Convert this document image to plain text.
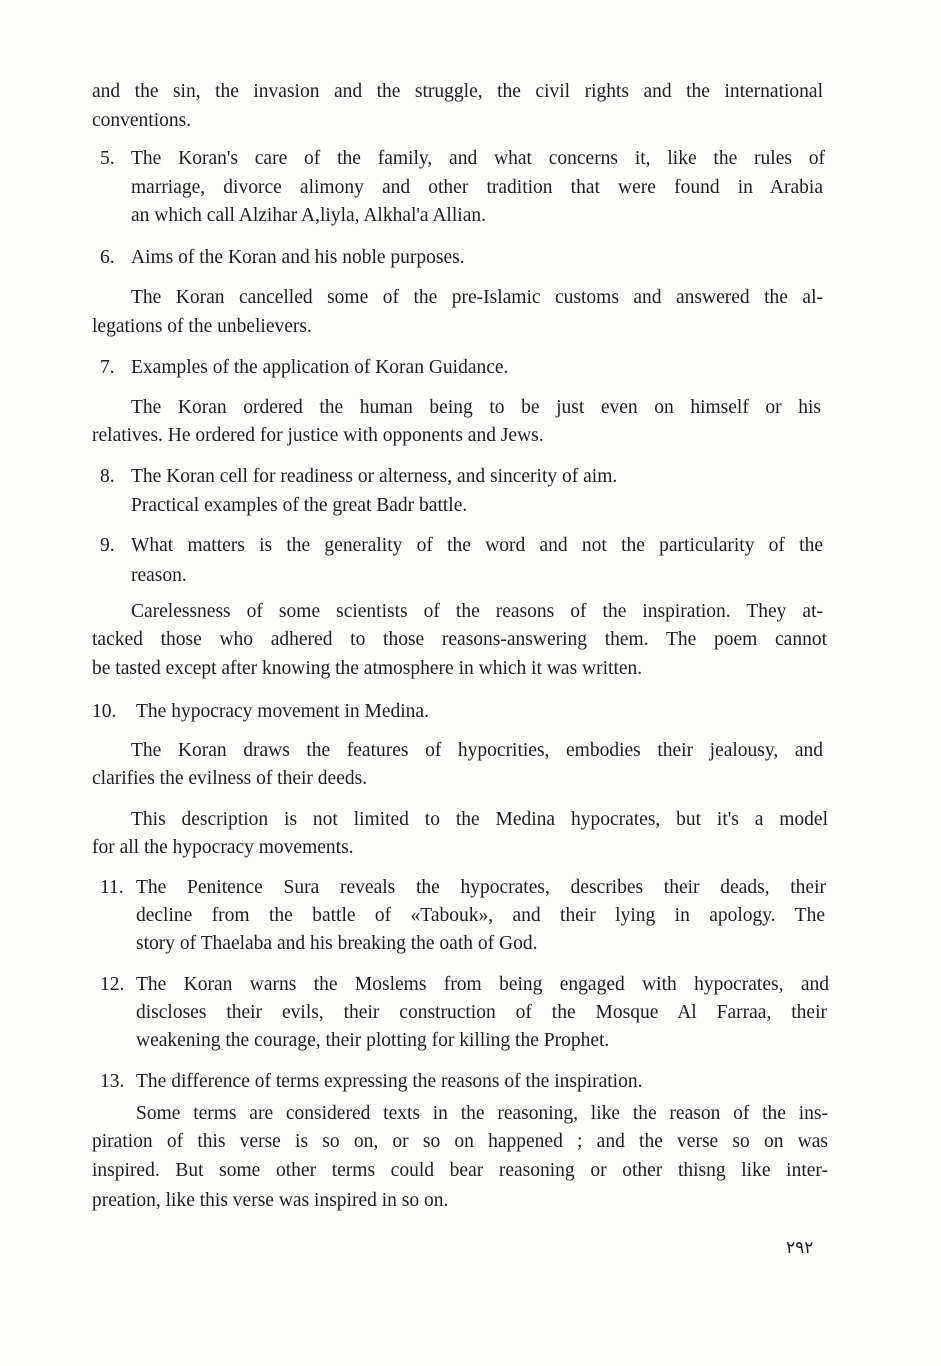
and the sin, the invasion and the struggle, the civil rights and the international
conventions.
5. The Koran's care of the family, and what concerns it, like the rules of
marriage, divorce alimony and other tradition that were found in Arabia
an which call Alzihar A,liyla, Alkhal'a Allian.
6. Aims of the Koran and his noble purposes.
The Koran cancelled some of the pre-Islamic customs and answered the al-
legations of the unbelievers.
7. Examples of the application of Koran Guidance.
The Koran ordered the human being to be just even on himself or his
relatives. He ordered for justice with opponents and Jews.
8. The Koran cell for readiness or alterness, and sincerity of aim.
Practical examples of the great Badr battle.
9. What matters is the generality of the word and not the particularity of the
reason.
Carelessness of some scientists of the reasons of the inspiration. They at-
tacked those who adhered to those reasons-answering them. The poem cannot
be tasted except after knowing the atmosphere in which it was written.
10. The hypocracy movement in Medina.
The Koran draws the features of hypocrities, embodies their jealousy, and
clarifies the evilness of their deeds.
This description is not limited to the Medina hypocrates, but it's a model
for all the hypocracy movements.
11. The Penitence Sura reveals the hypocrates, describes their deads, their
decline from the battle of «Tabouk», and their lying in apology. The
story of Thaelaba and his breaking the oath of God.
12. The Koran warns the Moslems from being engaged with hypocrates, and
discloses their evils, their construction of the Mosque Al Farraa, their
weakening the courage, their plotting for killing the Prophet.
13. The difference of terms expressing the reasons of the inspiration.
Some terms are considered texts in the reasoning, like the reason of the ins-
piration of this verse is so on, or so on happened ; and the verse so on was
inspired. But some other terms could bear reasoning or other thisng like inter-
preation, like this verse was inspired in so on.
٢٩٢
